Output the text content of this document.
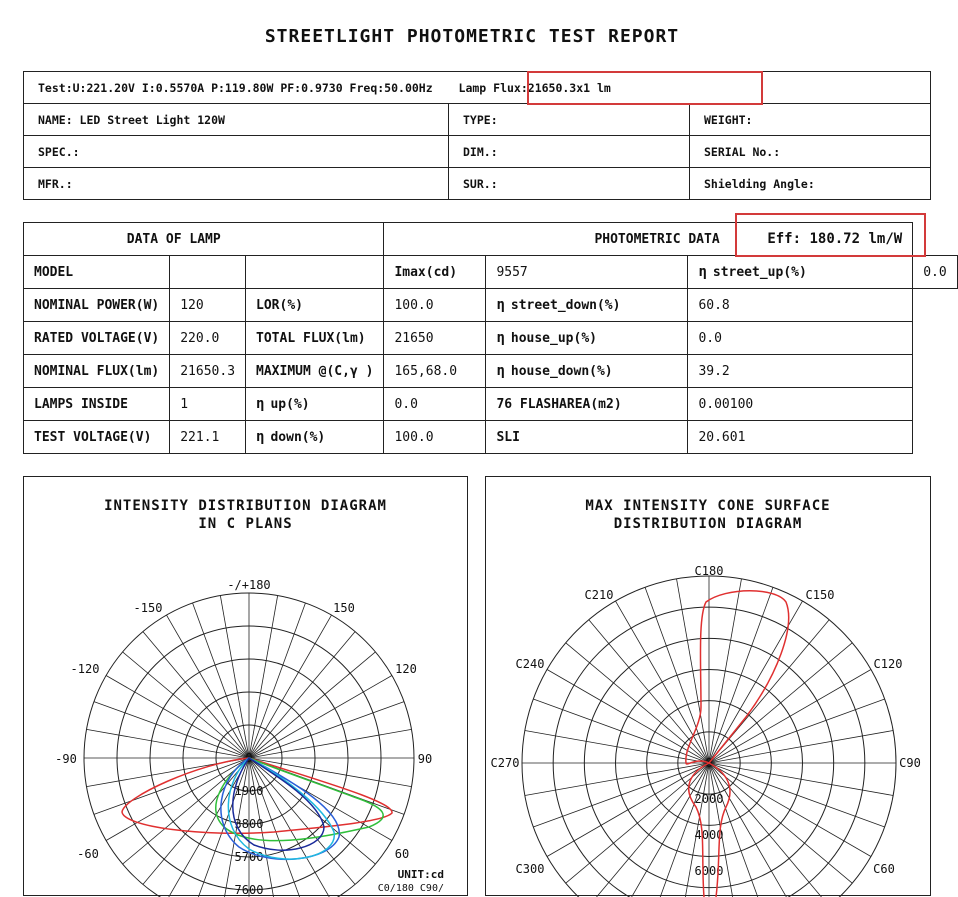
STREETLIGHT PHOTOMETRIC TEST REPORT
Test:U:221.20V I:0.5570A P:119.80W PF:0.9730 Freq:50.00Hz Lamp Flux:21650.3x1 lm		
NAME: LED Street Light 120W	TYPE:	WEIGHT:
SPEC.:	DIM.:	SERIAL No.:
MFR.:	SUR.:	Shielding Angle:
DATA OF LAMP			PHOTOMETRIC DATA Eff: 180.72 lm/W			
MODEL			Imax(cd)	9557	η street_up(%)	0.0
NOMINAL POWER(W)	120	LOR(%)	100.0	η street_down(%)	60.8	
RATED VOLTAGE(V)	220.0	TOTAL FLUX(lm)	21650	η house_up(%)	0.0	
NOMINAL FLUX(lm)	21650.3	MAXIMUM @(C,γ )	165,68.0	η house_down(%)	39.2	
LAMPS INSIDE	1	η up(%)	0.0	76 FLASHAREA(m2)	0.00100	
TEST VOLTAGE(V)	221.1	η down(%)	100.0	SLI	20.601	
INTENSITY DISTRIBUTION DIAGRAM
IN C PLANS
-/+180
-150	150
-120	120
-90	90
-60	60
0
1900
3800
5700
7600
UNIT:cd
C0/180 C90/
MAX INTENSITY CONE SURFACE
DISTRIBUTION DIAGRAM
C180
C210	C150
C240	C120
C270	C90
C300	C60
0
2000
4000
6000
